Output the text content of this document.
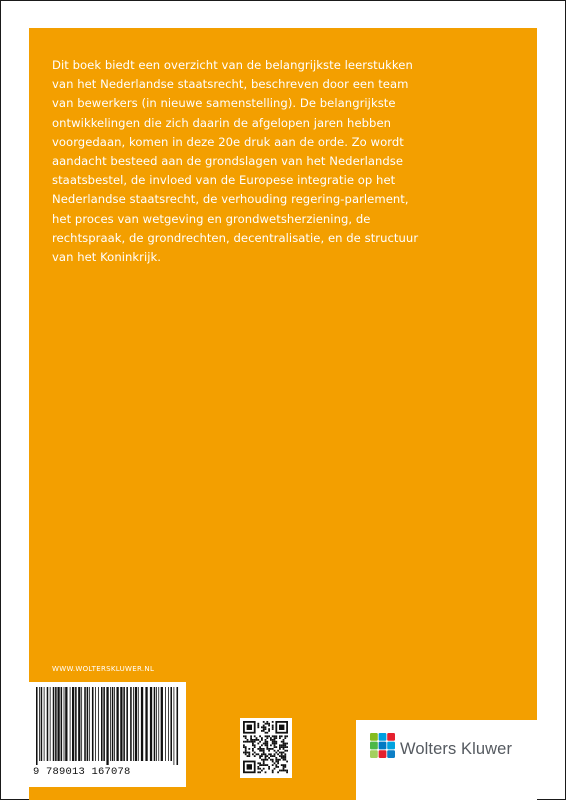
Dit boek biedt een overzicht van de belangrijkste leerstukken
van het Nederlandse staatsrecht, beschreven door een team
van bewerkers (in nieuwe samenstelling). De belangrijkste
ontwikkelingen die zich daarin de afgelopen jaren hebben
voorgedaan, komen in deze 20e druk aan de orde. Zo wordt
aandacht besteed aan de grondslagen van het Nederlandse
staatsbestel, de invloed van de Europese integratie op het
Nederlandse staatsrecht, de verhouding regering-parlement,
het proces van wetgeving en grondwetsherziening, de
rechtspraak, de grondrechten, decentralisatie, en de structuur
van het Koninkrijk.

WWW.WOLTERSKLUWER.NL
9 789013 167078
Wolters Kluwer
